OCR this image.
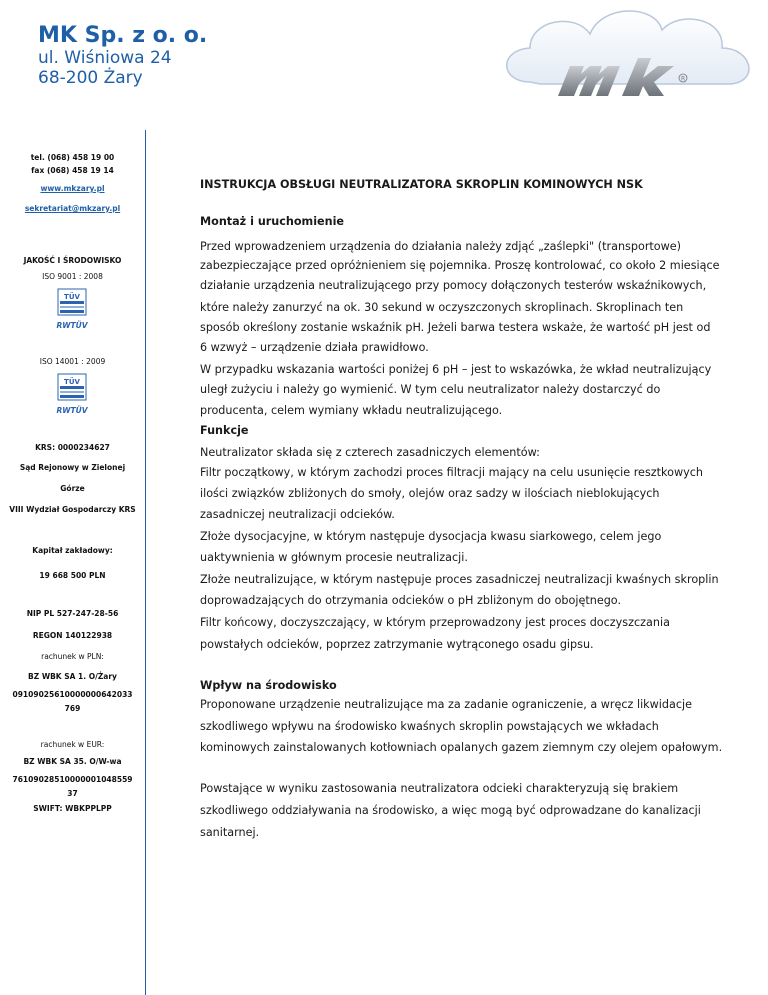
MK Sp. z o. o.
ul. Wiśniowa 24
68-200 Żary	R
tel. (068) 458 19 00
fax (068) 458 19 14
www.mkzary.pl
sekretariat@mkzary.pl
JAKOŚĆ I ŚRODOWISKO
ISO 9001 : 2008
TÜV
RWTÜV
ISO 14001 : 2009
TÜV
RWTÜV
KRS: 0000234627
Sąd Rejonowy w Zielonej
Górze
VIII Wydział Gospodarczy KRS
Kapitał zakładowy:
19 668 500 PLN
NIP PL 527-247-28-56
REGON 140122938
rachunek w PLN:
BZ WBK SA 1. O/Żary
09109025610000000642033
769
rachunek w EUR:
BZ WBK SA 35. O/W-wa
76109028510000001048559
37
SWIFT: WBKPPLPP
INSTRUKCJA OBSŁUGI NEUTRALIZATORA SKROPLIN KOMINOWYCH NSK
Montaż i uruchomienie
Przed wprowadzeniem urządzenia do działania należy zdjąć „zaślepki" (transportowe)
zabezpieczające przed opróżnieniem się pojemnika. Proszę kontrolować, co około 2 miesiące
działanie urządzenia neutralizującego przy pomocy dołączonych testerów wskaźnikowych,
które należy zanurzyć na ok. 30 sekund w oczyszczonych skroplinach. Skroplinach ten
sposób określony zostanie wskaźnik pH. Jeżeli barwa testera wskaże, że wartość pH jest od
6 wzwyż – urządzenie działa prawidłowo.
W przypadku wskazania wartości poniżej 6 pH – jest to wskazówka, że wkład neutralizujący
uległ zużyciu i należy go wymienić. W tym celu neutralizator należy dostarczyć do
producenta, celem wymiany wkładu neutralizującego.
Funkcje
Neutralizator składa się z czterech zasadniczych elementów:
Filtr początkowy, w którym zachodzi proces filtracji mający na celu usunięcie resztkowych
ilości związków zbliżonych do smoły, olejów oraz sadzy w ilościach nieblokujących
zasadniczej neutralizacji odcieków.
Złoże dysocjacyjne, w którym następuje dysocjacja kwasu siarkowego, celem jego
uaktywnienia w głównym procesie neutralizacji.
Złoże neutralizujące, w którym następuje proces zasadniczej neutralizacji kwaśnych skroplin
doprowadzających do otrzymania odcieków o pH zbliżonym do obojętnego.
Filtr końcowy, doczyszczający, w którym przeprowadzony jest proces doczyszczania
powstałych odcieków, poprzez zatrzymanie wytrąconego osadu gipsu.
Wpływ na środowisko
Proponowane urządzenie neutralizujące ma za zadanie ograniczenie, a wręcz likwidacje
szkodliwego wpływu na środowisko kwaśnych skroplin powstających we wkładach
kominowych zainstalowanych kotłowniach opalanych gazem ziemnym czy olejem opałowym.
Powstające w wyniku zastosowania neutralizatora odcieki charakteryzują się brakiem
szkodliwego oddziaływania na środowisko, a więc mogą być odprowadzane do kanalizacji
sanitarnej.
